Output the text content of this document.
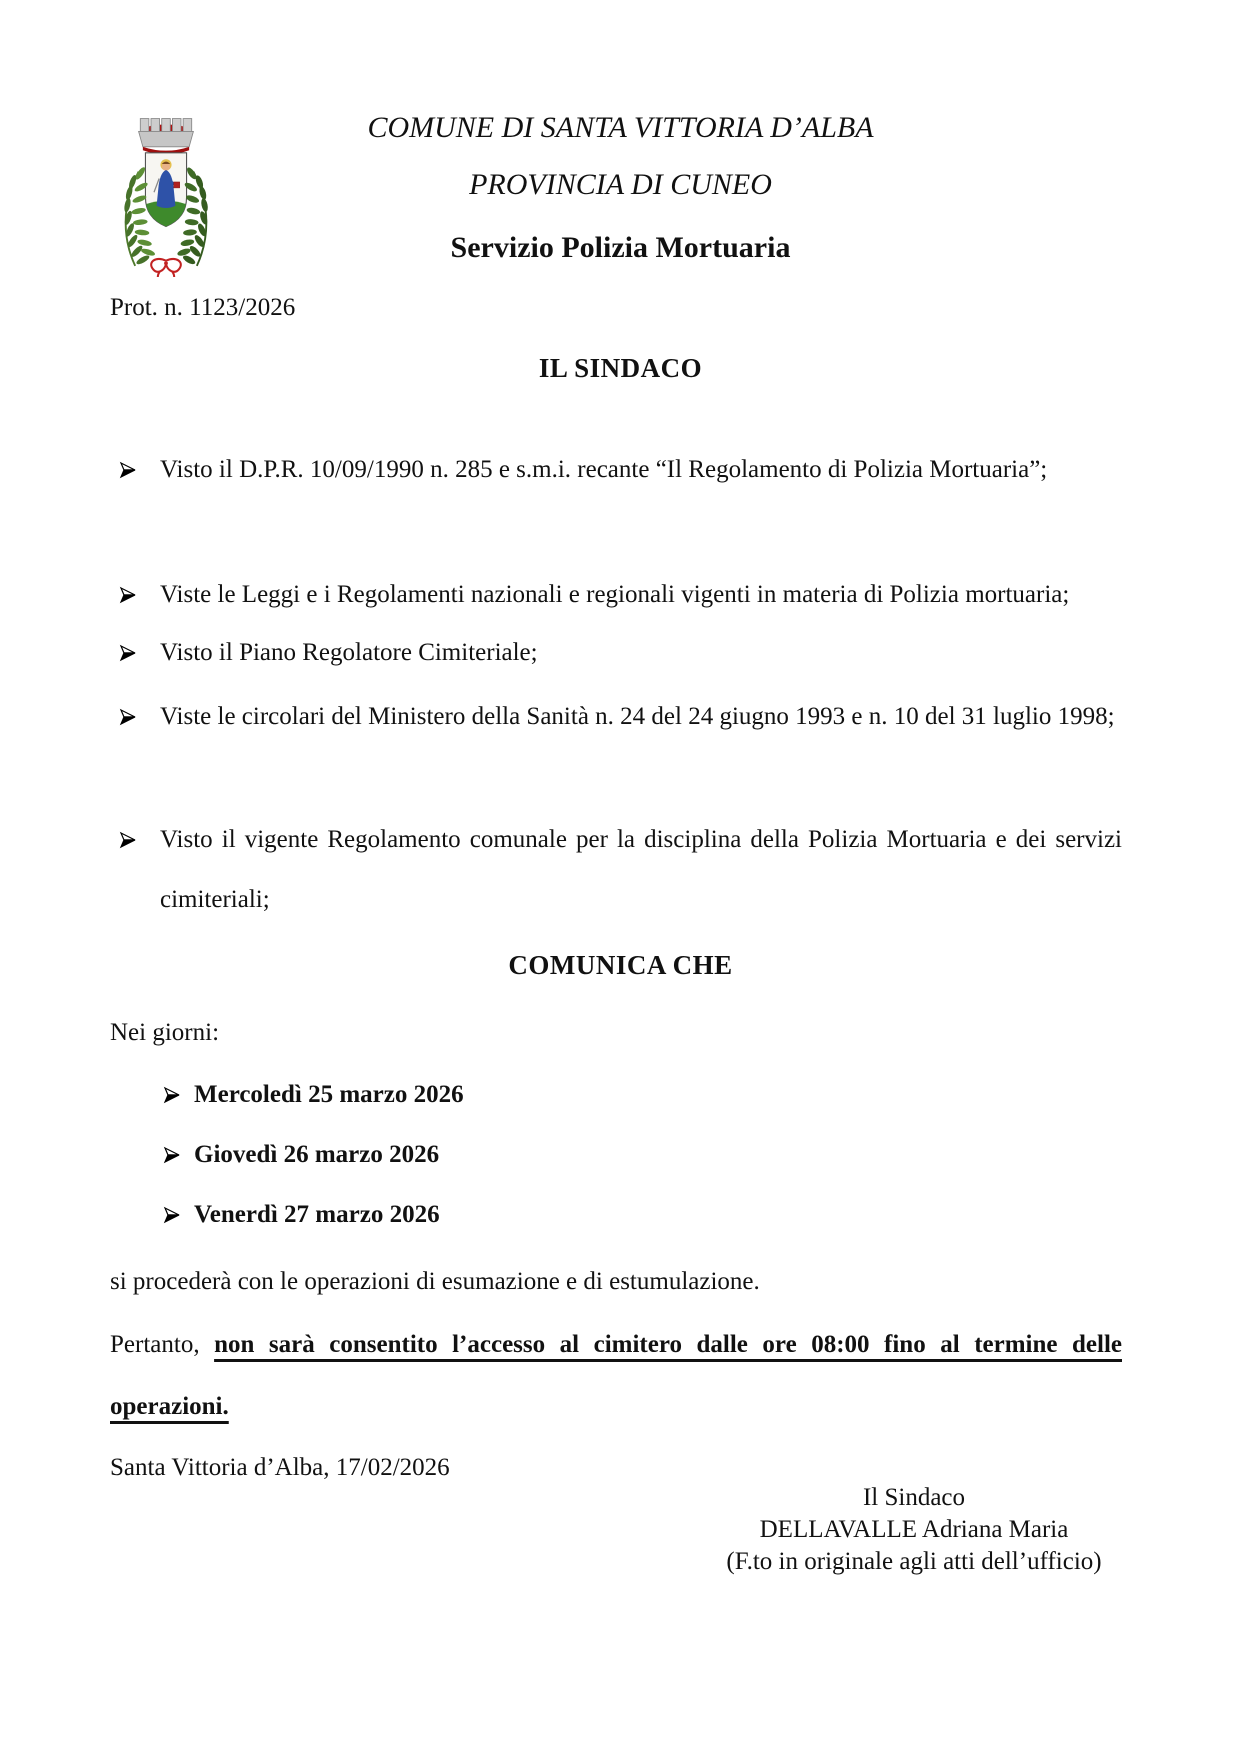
COMUNE DI SANTA VITTORIA D’ALBA
PROVINCIA DI CUNEO
Servizio Polizia Mortuaria
Prot. n. 1123/2026
IL SINDACO
Visto il D.P.R. 10/09/1990 n. 285 e s.m.i. recante “Il Regolamento di Polizia Mortuaria”;
Viste le Leggi e i Regolamenti nazionali e regionali vigenti in materia di Polizia mortuaria;
Visto il Piano Regolatore Cimiteriale;
Viste le circolari del Ministero della Sanità n. 24 del 24 giugno 1993 e n. 10 del 31 luglio 1998;
Visto il vigente Regolamento comunale per la disciplina della Polizia Mortuaria e dei servizi cimiteriali;
COMUNICA CHE
Nei giorni:
Mercoledì 25 marzo 2026
Giovedì 26 marzo 2026
Venerdì 27 marzo 2026
si procederà con le operazioni di esumazione e di estumulazione.
Pertanto, non sarà consentito l’accesso al cimitero dalle ore 08:00 fino al termine delle operazioni.
Santa Vittoria d’Alba, 17/02/2026
Il Sindaco
DELLAVALLE Adriana Maria
(F.to in originale agli atti dell’ufficio)
